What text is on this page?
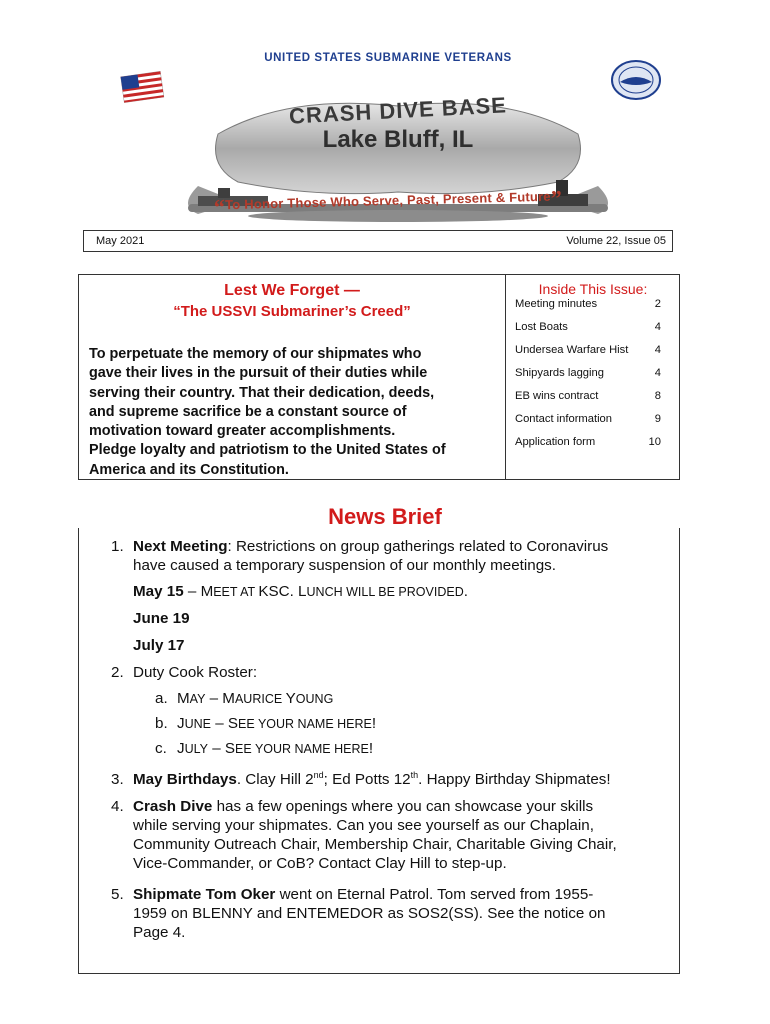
UNITED STATES SUBMARINE VETERANS
CRASH DIVE BASE
Lake Bluff, IL
“To Honor Those Who Serve, Past, Present & Future”
May 2021	Volume 22, Issue 05
Lest We Forget —
“The USSVI Submariner’s Creed”
To perpetuate the memory of our shipmates who
gave their lives in the pursuit of their duties while
serving their country. That their dedication, deeds,
and supreme sacrifice be a constant source of
motivation toward greater accomplishments.
Pledge loyalty and patriotism to the United States of
America and its Constitution.
Inside This Issue:
Meeting minutes	2
Lost Boats	4
Undersea Warfare Hist 4
Shipyards lagging	4
EB wins contract	8
Contact information	9
Application form	10
News Brief
1. Next Meeting: Restrictions on group gatherings related to Coronavirus
have caused a temporary suspension of our monthly meetings.
May 15 – MEET AT KSC. LUNCH WILL BE PROVIDED.
June 19
July 17
2. Duty Cook Roster:
a. MAY – MAURICE YOUNG
b. JUNE – SEE YOUR NAME HERE!
c. JULY – SEE YOUR NAME HERE!
3. May Birthdays. Clay Hill 2nd; Ed Potts 12th. Happy Birthday Shipmates!
4. Crash Dive has a few openings where you can showcase your skills
while serving your shipmates. Can you see yourself as our Chaplain,
Community Outreach Chair, Membership Chair, Charitable Giving Chair,
Vice-Commander, or CoB? Contact Clay Hill to step-up.
5. Shipmate Tom Oker went on Eternal Patrol. Tom served from 1955-
1959 on BLENNY and ENTEMEDOR as SOS2(SS). See the notice on
Page 4.
